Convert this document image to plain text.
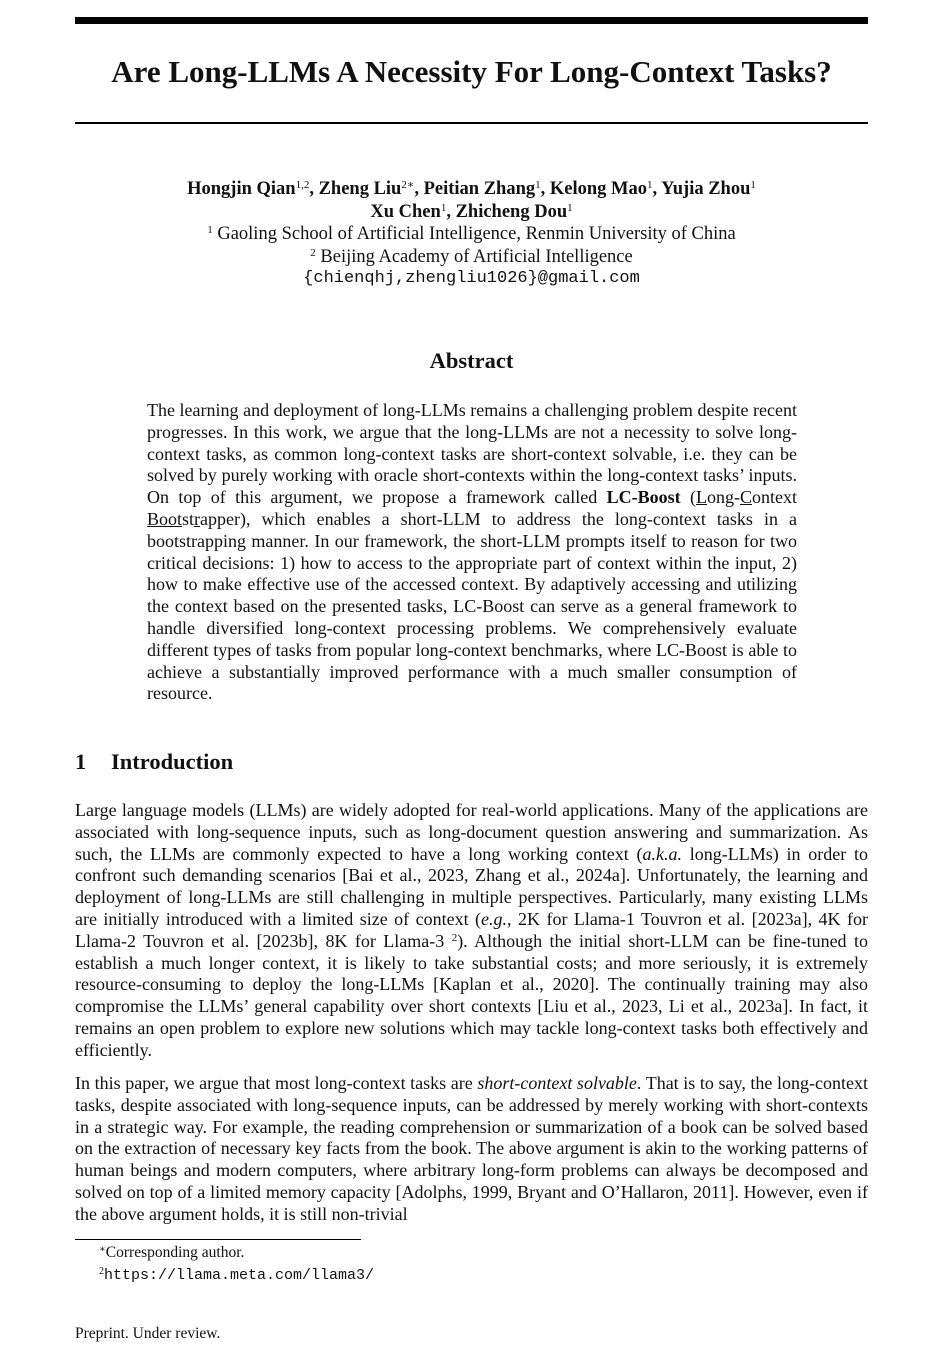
Are Long-LLMs A Necessity For Long-Context Tasks?
Hongjin Qian$^{1,2}$, Zheng Liu$^{2∗}$, Peitian Zhang$^1$, Kelong Mao$^1$, Yujia Zhou$^1$
Xu Chen$^1$, Zhicheng Dou$^1$
$^1$ Gaoling School of Artificial Intelligence, Renmin University of China
$^2$ Beijing Academy of Artificial Intelligence
{chienqhj,zhengliu1026}@gmail.com
Abstract

The learning and deployment of long-LLMs remains a challenging problem despite recent progresses. In this work, we argue that the long-LLMs are not a necessity to solve long-context tasks, as common long-context tasks are short-context solvable, i.e. they can be solved by purely working with oracle short-contexts within the long-context tasks’ inputs. On top of this argument, we propose a framework called LC-Boost (Long-Context Bootstrapper), which enables a short-LLM to address the long-context tasks in a bootstrapping manner. In our framework, the short-LLM prompts itself to reason for two critical decisions: 1) how to access to the appropriate part of context within the input, 2) how to make effective use of the accessed context. By adaptively accessing and utilizing the context based on the presented tasks, LC-Boost can serve as a general framework to handle diversified long-context processing problems. We comprehensively evaluate different types of tasks from popular long-context benchmarks, where LC-Boost is able to achieve a substantially improved performance with a much smaller consumption of resource.

1 Introduction

Large language models (LLMs) are widely adopted for real-world applications. Many of the applications are associated with long-sequence inputs, such as long-document question answering and summarization. As such, the LLMs are commonly expected to have a long working context (a.k.a. long-LLMs) in order to confront such demanding scenarios [Bai et al., 2023, Zhang et al., 2024a]. Unfortunately, the learning and deployment of long-LLMs are still challenging in multiple perspectives. Particularly, many existing LLMs are initially introduced with a limited size of context (e.g., 2K for Llama-1 Touvron et al. [2023a], 4K for Llama-2 Touvron et al. [2023b], 8K for Llama-3 $^2$). Although the initial short-LLM can be fine-tuned to establish a much longer context, it is likely to take substantial costs; and more seriously, it is extremely resource-consuming to deploy the long-LLMs [Kaplan et al., 2020]. The continually training may also compromise the LLMs’ general capability over short contexts [Liu et al., 2023, Li et al., 2023a]. In fact, it remains an open problem to explore new solutions which may tackle long-context tasks both effectively and efficiently.

In this paper, we argue that most long-context tasks are short-context solvable. That is to say, the long-context tasks, despite associated with long-sequence inputs, can be addressed by merely working with short-contexts in a strategic way. For example, the reading comprehension or summarization of a book can be solved based on the extraction of necessary key facts from the book. The above argument is akin to the working patterns of human beings and modern computers, where arbitrary long-form problems can always be decomposed and solved on top of a limited memory capacity [Adolphs, 1999, Bryant and O’Hallaron, 2011]. However, even if the above argument holds, it is still non-trivial

∗Corresponding author.
$^2$https://llama.meta.com/llama3/
Preprint. Under review.
